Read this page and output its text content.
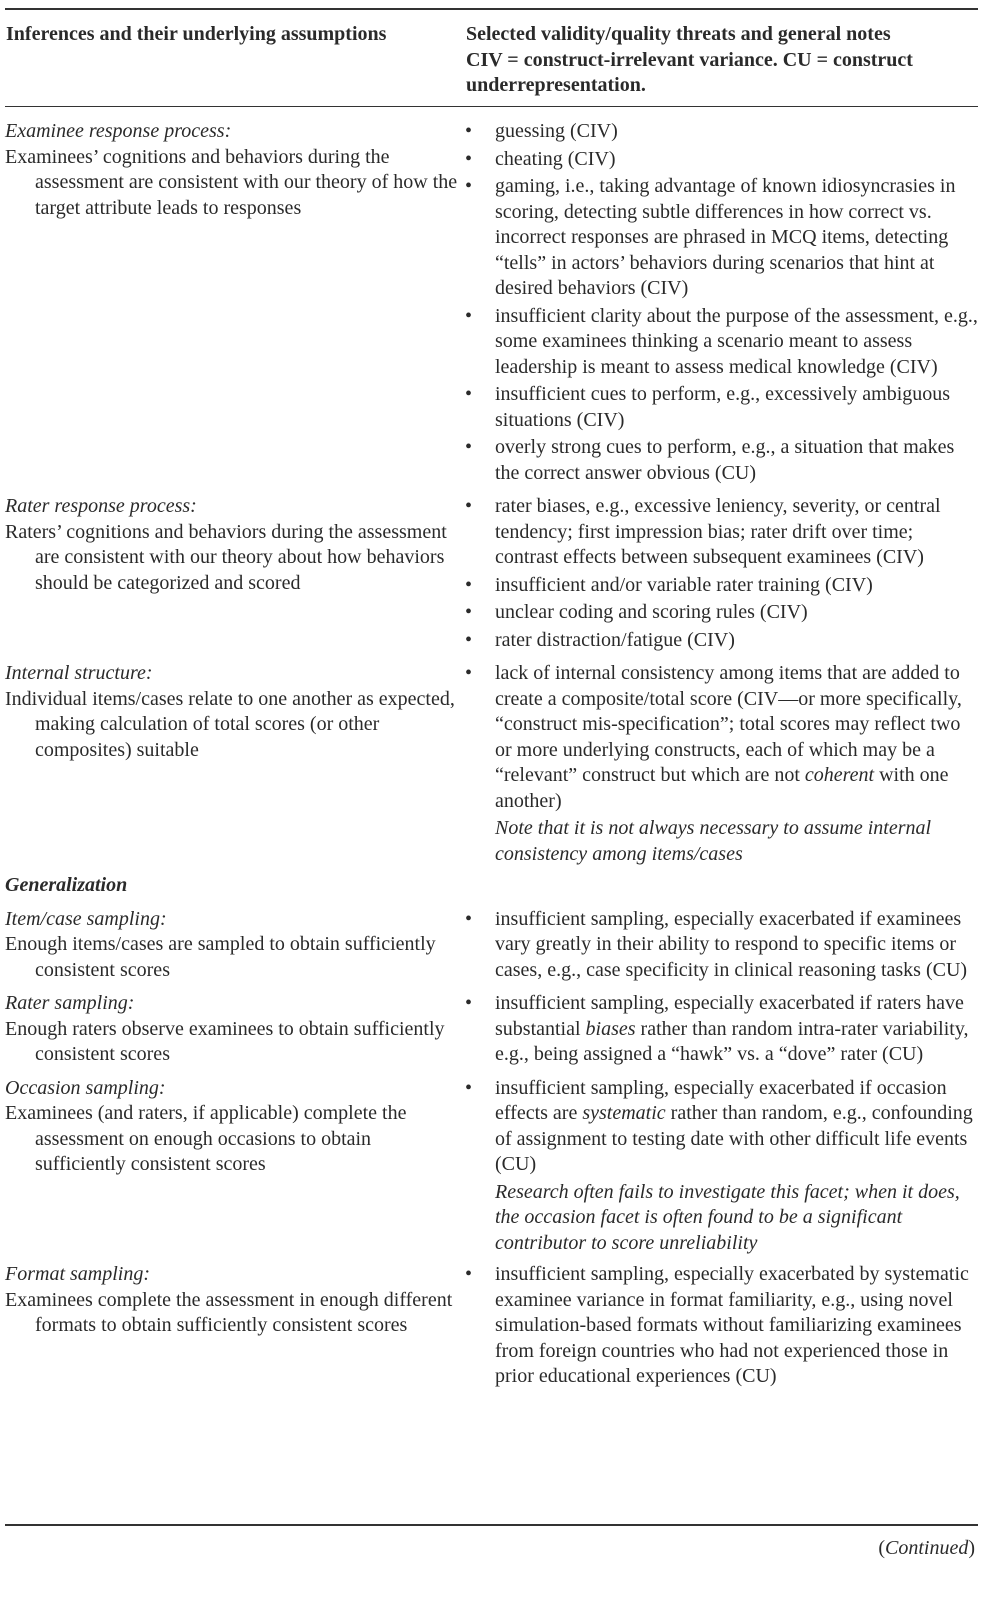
Inferences and their underlying assumptions	Selected validity/quality threats and general notes
CIV = construct-irrelevant variance. CU = construct underrepresentation.
Examinee response process:
Examinees’ cognitions and behaviors during the assessment are consistent with our theory of how the target attribute leads to responses
• guessing (CIV)
• cheating (CIV)
• gaming, i.e., taking advantage of known idiosyncrasies in scoring, detecting subtle differences in how correct vs. incorrect responses are phrased in MCQ items, detecting “tells” in actors’ behaviors during scenarios that hint at desired behaviors (CIV)
• insufficient clarity about the purpose of the assessment, e.g., some examinees thinking a scenario meant to assess leadership is meant to assess medical knowledge (CIV)
• insufficient cues to perform, e.g., excessively ambiguous situations (CIV)
• overly strong cues to perform, e.g., a situation that makes the correct answer obvious (CU)
Rater response process:
Raters’ cognitions and behaviors during the assessment are consistent with our theory about how behaviors should be categorized and scored
• rater biases, e.g., excessive leniency, severity, or central tendency; first impression bias; rater drift over time; contrast effects between subsequent examinees (CIV)
• insufficient and/or variable rater training (CIV)
• unclear coding and scoring rules (CIV)
• rater distraction/fatigue (CIV)
Internal structure:
Individual items/cases relate to one another as expected, making calculation of total scores (or other composites) suitable
• lack of internal consistency among items that are added to create a composite/total score (CIV—or more specifically, “construct mis-specification”; total scores may reflect two or more underlying constructs, each of which may be a “relevant” construct but which are not coherent with one another)
Note that it is not always necessary to assume internal consistency among items/cases
Generalization
Item/case sampling:
Enough items/cases are sampled to obtain sufficiently consistent scores
• insufficient sampling, especially exacerbated if examinees vary greatly in their ability to respond to specific items or cases, e.g., case specificity in clinical reasoning tasks (CU)
Rater sampling:
Enough raters observe examinees to obtain sufficiently consistent scores
• insufficient sampling, especially exacerbated if raters have substantial biases rather than random intra-rater variability, e.g., being assigned a “hawk” vs. a “dove” rater (CU)
Occasion sampling:
Examinees (and raters, if applicable) complete the assessment on enough occasions to obtain sufficiently consistent scores
• insufficient sampling, especially exacerbated if occasion effects are systematic rather than random, e.g., confounding of assignment to testing date with other difficult life events (CU)
Research often fails to investigate this facet; when it does, the occasion facet is often found to be a significant contributor to score unreliability
Format sampling:
Examinees complete the assessment in enough different formats to obtain sufficiently consistent scores
• insufficient sampling, especially exacerbated by systematic examinee variance in format familiarity, e.g., using novel simulation-based formats without familiarizing examinees from foreign countries who had not experienced those in prior educational experiences (CU)
(Continued)
